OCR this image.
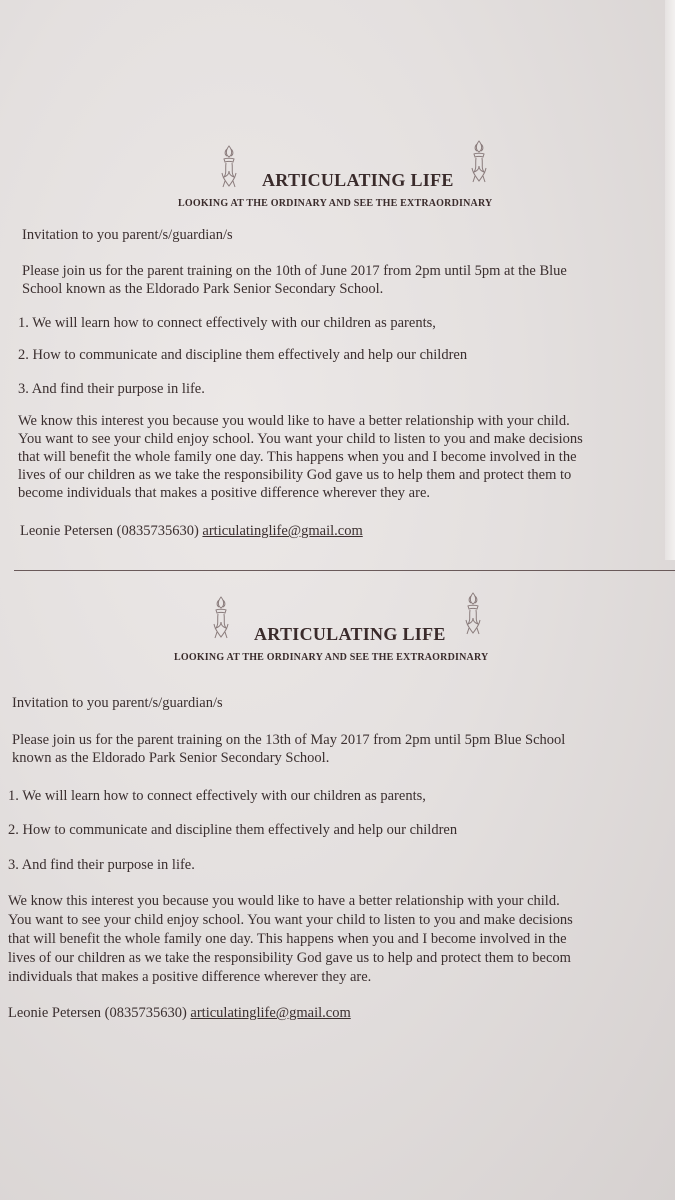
ARTICULATING LIFE
LOOKING AT THE ORDINARY AND SEE THE EXTRAORDINARY

Invitation to you parent/s/guardian/s

Please join us for the parent training on the 10th of June 2017 from 2pm until 5pm at the Blue

School known as the Eldorado Park Senior Secondary School.

1. We will learn how to connect effectively with our children as parents,

2. How to communicate and discipline them effectively and help our children

3. And find their purpose in life.

We know this interest you because you would like to have a better relationship with your child.

You want to see your child enjoy school. You want your child to listen to you and make decisions

that will benefit the whole family one day. This happens when you and I become involved in the

lives of our children as we take the responsibility God gave us to help them and protect them to

become individuals that makes a positive difference wherever they are.

Leonie Petersen (0835735630) articulatinglife@gmail.com

ARTICULATING LIFE
LOOKING AT THE ORDINARY AND SEE THE EXTRAORDINARY

Invitation to you parent/s/guardian/s

Please join us for the parent training on the 13th of May 2017 from 2pm until 5pm Blue School

known as the Eldorado Park Senior Secondary School.

1. We will learn how to connect effectively with our children as parents,

2. How to communicate and discipline them effectively and help our children

3. And find their purpose in life.

We know this interest you because you would like to have a better relationship with your child.

You want to see your child enjoy school. You want your child to listen to you and make decisions

that will benefit the whole family one day. This happens when you and I become involved in the

lives of our children as we take the responsibility God gave us to help and protect them to becom

individuals that makes a positive difference wherever they are.

Leonie Petersen (0835735630) articulatinglife@gmail.com
